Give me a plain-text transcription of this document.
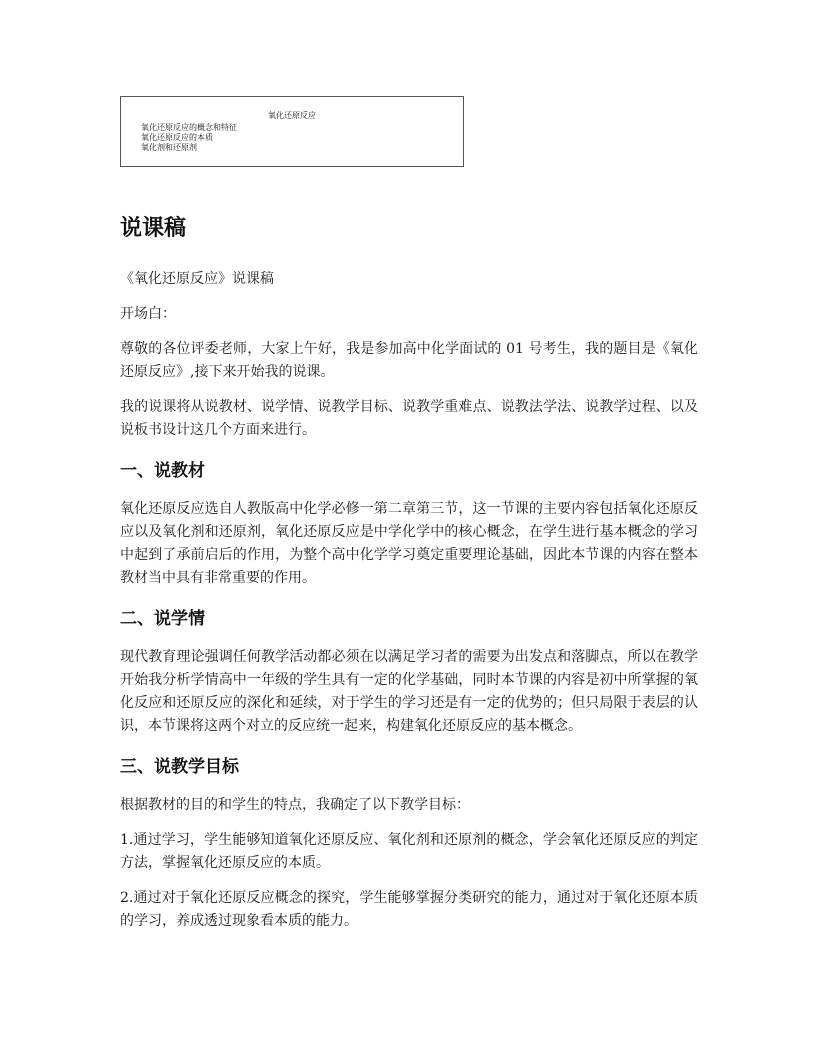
氧化还原反应
氧化还原反应的概念和特征
氧化还原反应的本质
氧化剂和还原剂
说课稿

《氧化还原反应》说课稿

开场白：

尊敬的各位评委老师，大家上午好，我是参加高中化学面试的 01 号考生，我的题目是《氧化还原反应》,接下来开始我的说课。

我的说课将从说教材、说学情、说教学目标、说教学重难点、说教法学法、说教学过程、以及说板书设计这几个方面来进行。

一、说教材

氧化还原反应选自人教版高中化学必修一第二章第三节，这一节课的主要内容包括氧化还原反应以及氧化剂和还原剂，氧化还原反应是中学化学中的核心概念，在学生进行基本概念的学习中起到了承前启后的作用，为整个高中化学学习奠定重要理论基础，因此本节课的内容在整本教材当中具有非常重要的作用。

二、说学情

现代教育理论强调任何教学活动都必须在以满足学习者的需要为出发点和落脚点，所以在教学开始我分析学情高中一年级的学生具有一定的化学基础，同时本节课的内容是初中所掌握的氧化反应和还原反应的深化和延续，对于学生的学习还是有一定的优势的；但只局限于表层的认识，本节课将这两个对立的反应统一起来，构建氧化还原反应的基本概念。

三、说教学目标

根据教材的目的和学生的特点，我确定了以下教学目标：

1.通过学习，学生能够知道氧化还原反应、氧化剂和还原剂的概念，学会氧化还原反应的判定方法，掌握氧化还原反应的本质。

2.通过对于氧化还原反应概念的探究，学生能够掌握分类研究的能力，通过对于氧化还原本质的学习，养成透过现象看本质的能力。
